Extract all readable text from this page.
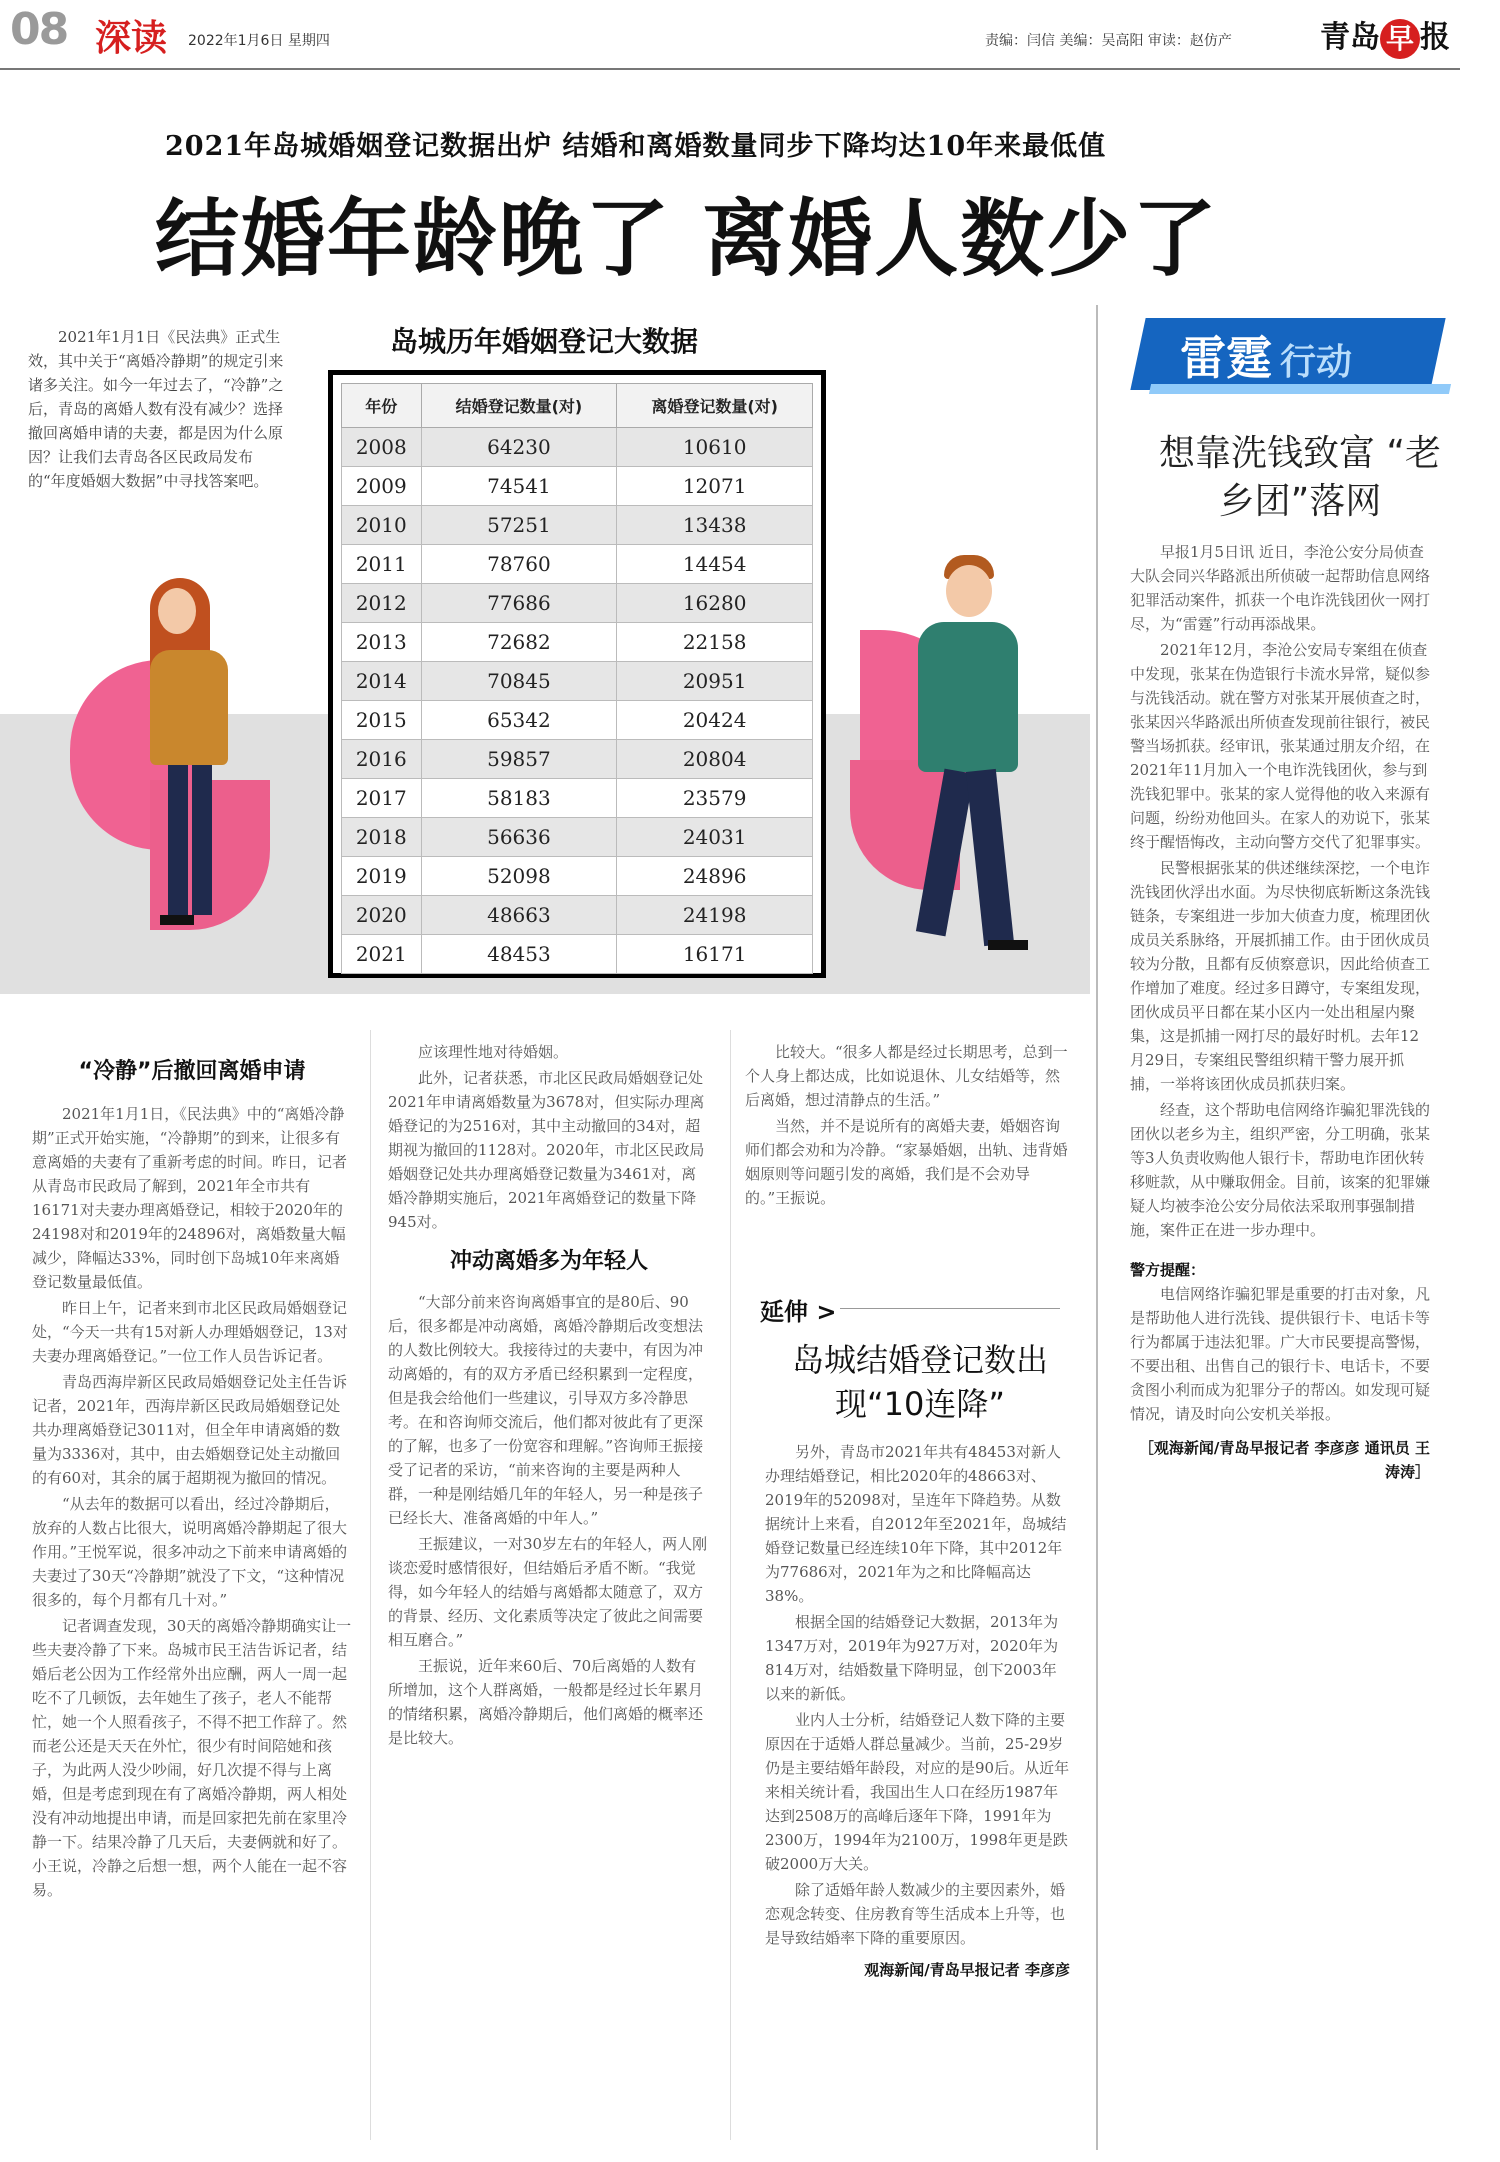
08 深读 2022年1月6日 星期四	责编：闫信 美编：吴高阳 审读：赵仿产	青岛 早 报
2021年岛城婚姻登记数据出炉 结婚和离婚数量同步下降均达10年来最低值
结婚年龄晚了 离婚人数少了
2021年1月1日《民法典》正式生效，其中关于“离婚冷静期”的规定引来诸多关注。如今一年过去了，“冷静”之后，青岛的离婚人数有没有减少？选择撤回离婚申请的夫妻，都是因为什么原因？让我们去青岛各区民政局发布的“年度婚姻大数据”中寻找答案吧。
岛城历年婚姻登记大数据
年份	结婚登记数量(对)	离婚登记数量(对)
2008	64230	10610
2009	74541	12071
2010	57251	13438
2011	78760	14454
2012	77686	16280
2013	72682	22158
2014	70845	20951
2015	65342	20424
2016	59857	20804
2017	58183	23579
2018	56636	24031
2019	52098	24896
2020	48663	24198
2021	48453	16171
雷霆 行动
想靠洗钱致富 “老乡团”落网

早报1月5日讯 近日，李沧公安分局侦查大队会同兴华路派出所侦破一起帮助信息网络犯罪活动案件，抓获一个电诈洗钱团伙一网打尽，为“雷霆”行动再添战果。

2021年12月，李沧公安局专案组在侦查中发现，张某在伪造银行卡流水异常，疑似参与洗钱活动。就在警方对张某开展侦查之时，张某因兴华路派出所侦查发现前往银行，被民警当场抓获。经审讯，张某通过朋友介绍，在2021年11月加入一个电诈洗钱团伙，参与到洗钱犯罪中。张某的家人觉得他的收入来源有问题，纷纷劝他回头。在家人的劝说下，张某终于醒悟悔改，主动向警方交代了犯罪事实。

民警根据张某的供述继续深挖，一个电诈洗钱团伙浮出水面。为尽快彻底斩断这条洗钱链条，专案组进一步加大侦查力度，梳理团伙成员关系脉络，开展抓捕工作。由于团伙成员较为分散，且都有反侦察意识，因此给侦查工作增加了难度。经过多日蹲守，专案组发现，团伙成员平日都在某小区内一处出租屋内聚集，这是抓捕一网打尽的最好时机。去年12月29日，专案组民警组织精干警力展开抓捕，一举将该团伙成员抓获归案。

经查，这个帮助电信网络诈骗犯罪洗钱的团伙以老乡为主，组织严密，分工明确，张某等3人负责收购他人银行卡，帮助电诈团伙转移赃款，从中赚取佣金。目前，该案的犯罪嫌疑人均被李沧公安分局依法采取刑事强制措施，案件正在进一步办理中。

警方提醒：

电信网络诈骗犯罪是重要的打击对象，凡是帮助他人进行洗钱、提供银行卡、电话卡等行为都属于违法犯罪。广大市民要提高警惕，不要出租、出售自己的银行卡、电话卡，不要贪图小利而成为犯罪分子的帮凶。如发现可疑情况，请及时向公安机关举报。

［观海新闻/青岛早报记者 李彦彦 通讯员 王涛涛］
“冷静”后撤回离婚申请

2021年1月1日，《民法典》中的“离婚冷静期”正式开始实施，“冷静期”的到来，让很多有意离婚的夫妻有了重新考虑的时间。昨日，记者从青岛市民政局了解到，2021年全市共有16171对夫妻办理离婚登记，相较于2020年的24198对和2019年的24896对，离婚数量大幅减少，降幅达33%，同时创下岛城10年来离婚登记数量最低值。

昨日上午，记者来到市北区民政局婚姻登记处，“今天一共有15对新人办理婚姻登记，13对夫妻办理离婚登记。”一位工作人员告诉记者。

青岛西海岸新区民政局婚姻登记处主任告诉记者，2021年，西海岸新区民政局婚姻登记处共办理离婚登记3011对，但全年申请离婚的数量为3336对，其中，由去婚姻登记处主动撤回的有60对，其余的属于超期视为撤回的情况。

“从去年的数据可以看出，经过冷静期后，放弃的人数占比很大，说明离婚冷静期起了很大作用。”王悦军说，很多冲动之下前来申请离婚的夫妻过了30天“冷静期”就没了下文，“这种情况很多的，每个月都有几十对。”

记者调查发现，30天的离婚冷静期确实让一些夫妻冷静了下来。岛城市民王洁告诉记者，结婚后老公因为工作经常外出应酬，两人一周一起吃不了几顿饭，去年她生了孩子，老人不能帮忙，她一个人照看孩子，不得不把工作辞了。然而老公还是天天在外忙，很少有时间陪她和孩子，为此两人没少吵闹，好几次提不得与上离婚，但是考虑到现在有了离婚冷静期，两人相处没有冲动地提出申请，而是回家把先前在家里冷静一下。结果冷静了几天后，夫妻俩就和好了。小王说，冷静之后想一想，两个人能在一起不容易。

应该理性地对待婚姻。

此外，记者获悉，市北区民政局婚姻登记处2021年申请离婚数量为3678对，但实际办理离婚登记的为2516对，其中主动撤回的34对，超期视为撤回的1128对。2020年，市北区民政局婚姻登记处共办理离婚登记数量为3461对，离婚冷静期实施后，2021年离婚登记的数量下降945对。

冲动离婚多为年轻人

“大部分前来咨询离婚事宜的是80后、90后，很多都是冲动离婚，离婚冷静期后改变想法的人数比例较大。我接待过的夫妻中，有因为冲动离婚的，有的双方矛盾已经积累到一定程度，但是我会给他们一些建议，引导双方多冷静思考。在和咨询师交流后，他们都对彼此有了更深的了解，也多了一份宽容和理解。”咨询师王振接受了记者的采访，“前来咨询的主要是两种人群，一种是刚结婚几年的年轻人，另一种是孩子已经长大、准备离婚的中年人。”

王振建议，一对30岁左右的年轻人，两人刚谈恋爱时感情很好，但结婚后矛盾不断。“我觉得，如今年轻人的结婚与离婚都太随意了，双方的背景、经历、文化素质等决定了彼此之间需要相互磨合。”

王振说，近年来60后、70后离婚的人数有所增加，这个人群离婚，一般都是经过长年累月的情绪积累，离婚冷静期后，他们离婚的概率还是比较大。

比较大。“很多人都是经过长期思考，总到一个人身上都达成，比如说退休、儿女结婚等，然后离婚，想过清静点的生活。”

当然，并不是说所有的离婚夫妻，婚姻咨询师们都会劝和为冷静。“家暴婚姻，出轨、违背婚姻原则等问题引发的离婚，我们是不会劝导的。”王振说。

延伸 >
岛城结婚登记数出现“10连降”

另外，青岛市2021年共有48453对新人办理结婚登记，相比2020年的48663对、2019年的52098对，呈连年下降趋势。从数据统计上来看，自2012年至2021年，岛城结婚登记数量已经连续10年下降，其中2012年为77686对，2021年为之和比降幅高达38%。

根据全国的结婚登记大数据，2013年为1347万对，2019年为927万对，2020年为814万对，结婚数量下降明显，创下2003年以来的新低。

业内人士分析，结婚登记人数下降的主要原因在于适婚人群总量减少。当前，25-29岁仍是主要结婚年龄段，对应的是90后。从近年来相关统计看，我国出生人口在经历1987年达到2508万的高峰后逐年下降，1991年为2300万，1994年为2100万，1998年更是跌破2000万大关。

除了适婚年龄人数减少的主要因素外，婚恋观念转变、住房教育等生活成本上升等，也是导致结婚率下降的重要原因。

观海新闻/青岛早报记者 李彦彦
